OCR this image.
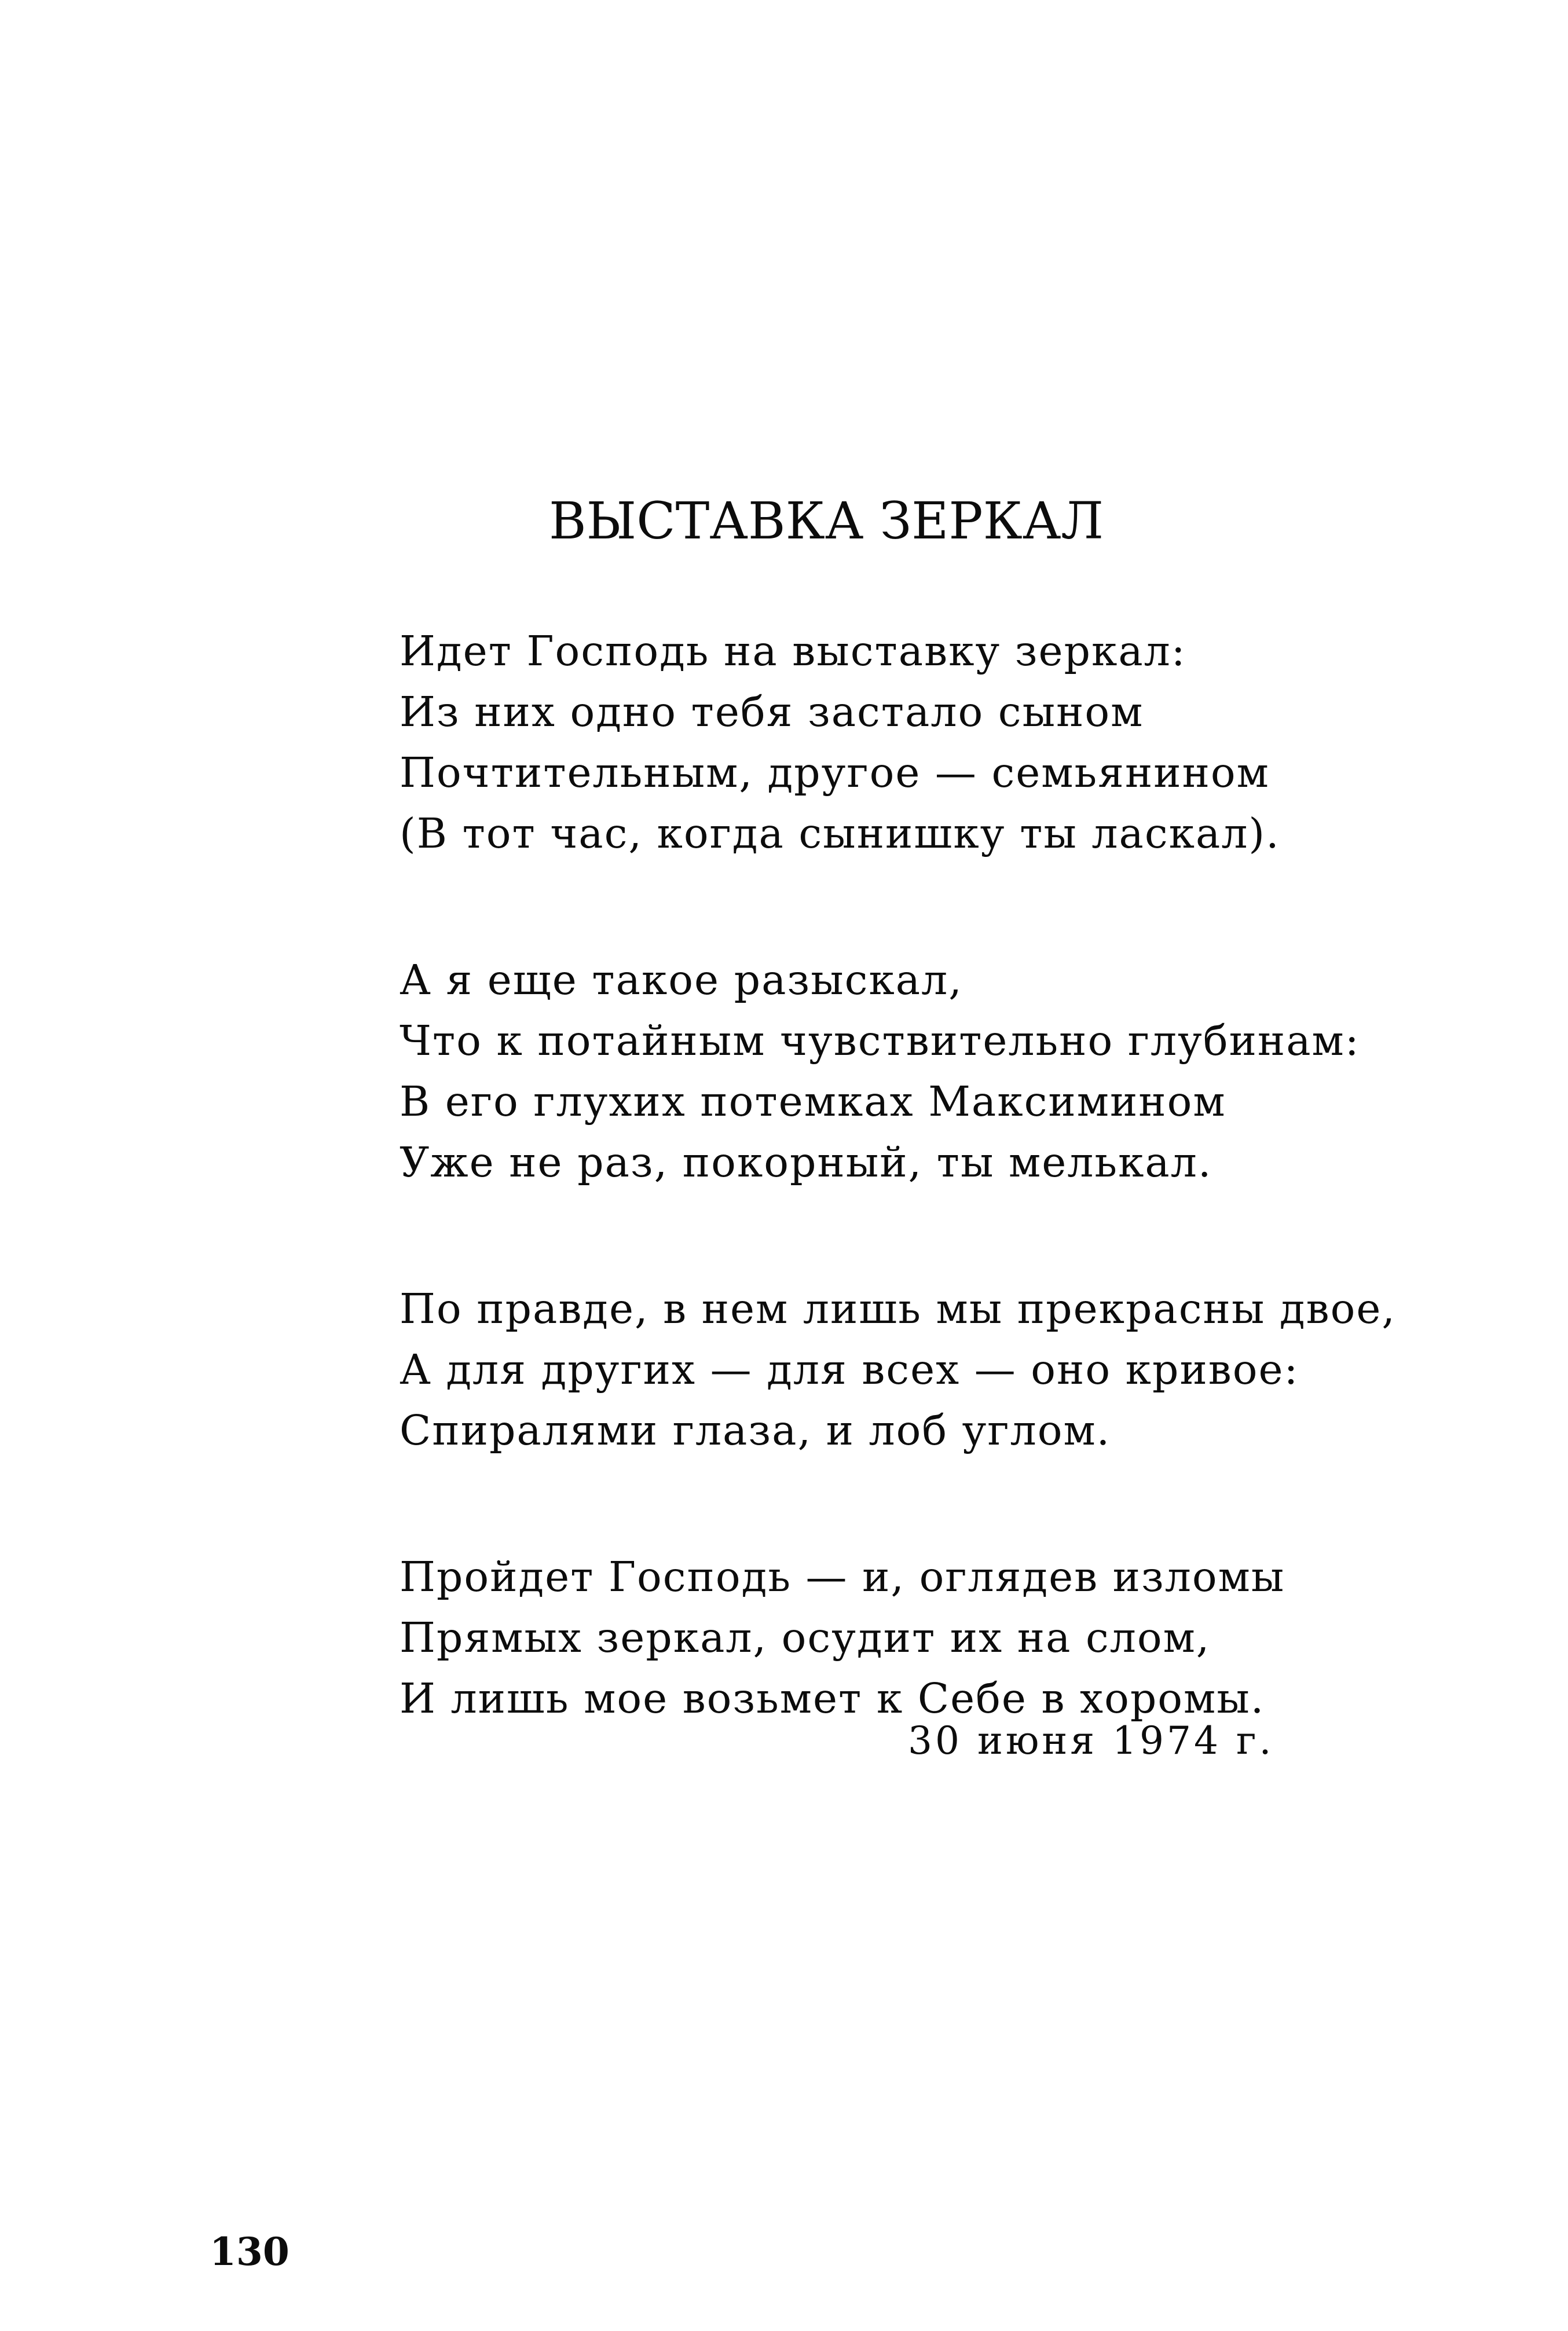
ВЫСТАВКА ЗЕРКАЛ
Идет Господь на выставку зеркал:
Из них одно тебя застало сыном
Почтительным, другое — семьянином
(В тот час, когда сынишку ты ласкал).
А я еще такое разыскал,
Что к потайным чувствительно глубинам:
В его глухих потемках Максимином
Уже не раз, покорный, ты мелькал.
По правде, в нем лишь мы прекрасны двое,
А для других — для всех — оно кривое:
Спиралями глаза, и лоб углом.
Пройдет Господь — и, оглядев изломы
Прямых зеркал, осудит их на слом,
И лишь мое возьмет к Себе в хоромы.
30 июня 1974 г.
130
